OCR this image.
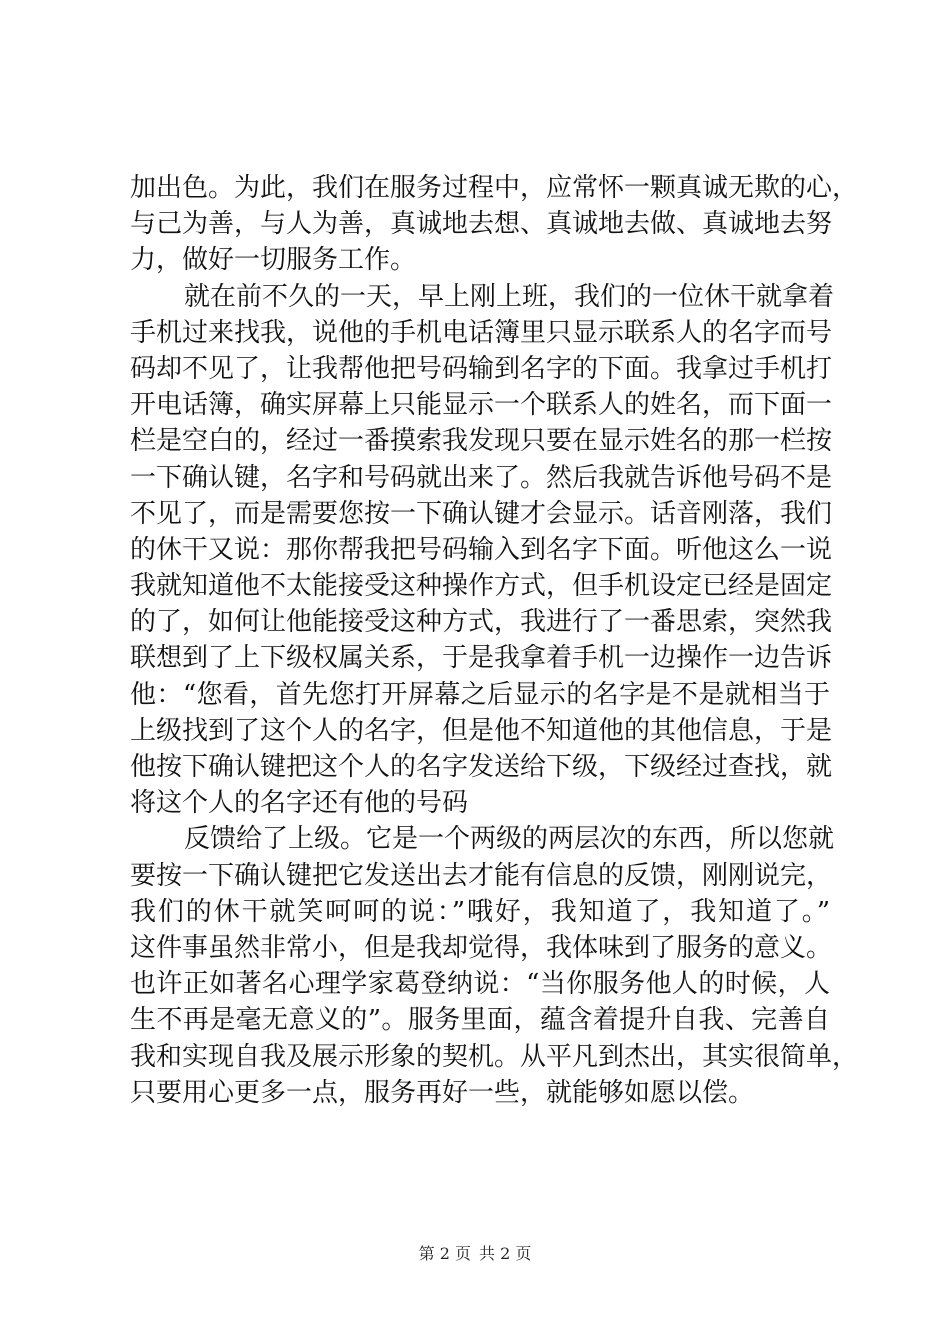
加出色。为此，我们在服务过程中，应常怀一颗真诚无欺的心，
与己为善，与人为善，真诚地去想、真诚地去做、真诚地去努
力，做好一切服务工作。
就在前不久的一天，早上刚上班，我们的一位休干就拿着
手机过来找我，说他的手机电话簿里只显示联系人的名字而号
码却不见了，让我帮他把号码输到名字的下面。我拿过手机打
开电话簿，确实屏幕上只能显示一个联系人的姓名，而下面一
栏是空白的，经过一番摸索我发现只要在显示姓名的那一栏按
一下确认键，名字和号码就出来了。然后我就告诉他号码不是
不见了，而是需要您按一下确认键才会显示。话音刚落，我们
的休干又说：那你帮我把号码输入到名字下面。听他这么一说
我就知道他不太能接受这种操作方式，但手机设定已经是固定
的了，如何让他能接受这种方式，我进行了一番思索，突然我
联想到了上下级权属关系，于是我拿着手机一边操作一边告诉
他：“您看，首先您打开屏幕之后显示的名字是不是就相当于
上级找到了这个人的名字，但是他不知道他的其他信息，于是
他按下确认键把这个人的名字发送给下级，下级经过查找，就
将这个人的名字还有他的号码
反馈给了上级。它是一个两级的两层次的东西，所以您就
要按一下确认键把它发送出去才能有信息的反馈，刚刚说完，
我们的休干就笑呵呵的说：”哦好，我知道了，我知道了。”
这件事虽然非常小，但是我却觉得，我体味到了服务的意义。
也许正如著名心理学家葛登纳说：“当你服务他人的时候，人
生不再是毫无意义的”。服务里面，蕴含着提升自我、完善自
我和实现自我及展示形象的契机。从平凡到杰出，其实很简单，
只要用心更多一点，服务再好一些，就能够如愿以偿。
第 2 页 共 2 页
